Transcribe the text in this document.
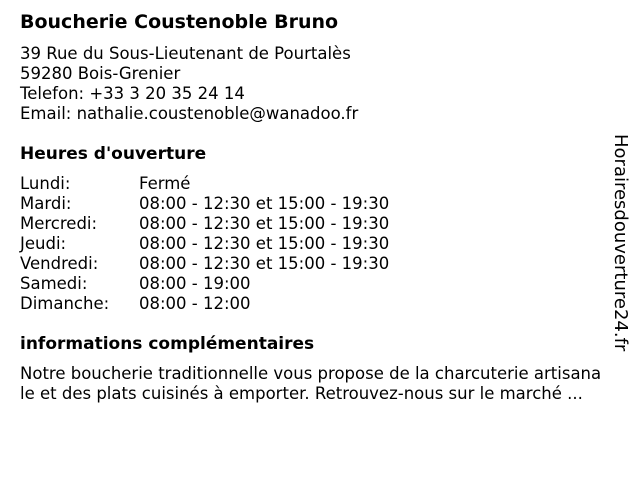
Boucherie Coustenoble Bruno
39 Rue du Sous-Lieutenant de Pourtalès
59280 Bois-Grenier
Telefon: +33 3 20 35 24 14
Email: nathalie.coustenoble@wanadoo.fr
Heures d'ouverture
Lundi:	Fermé
Mardi:	08:00 - 12:30 et 15:00 - 19:30
Mercredi:	08:00 - 12:30 et 15:00 - 19:30
Jeudi:	08:00 - 12:30 et 15:00 - 19:30
Vendredi: 08:00 - 12:30 et 15:00 - 19:30
Samedi:	08:00 - 19:00
Dimanche: 08:00 - 12:00
informations complémentaires
Notre boucherie traditionnelle vous propose de la charcuterie artisana
le et des plats cuisinés à emporter. Retrouvez-nous sur le marché ...
Horairesdouverture24.fr
